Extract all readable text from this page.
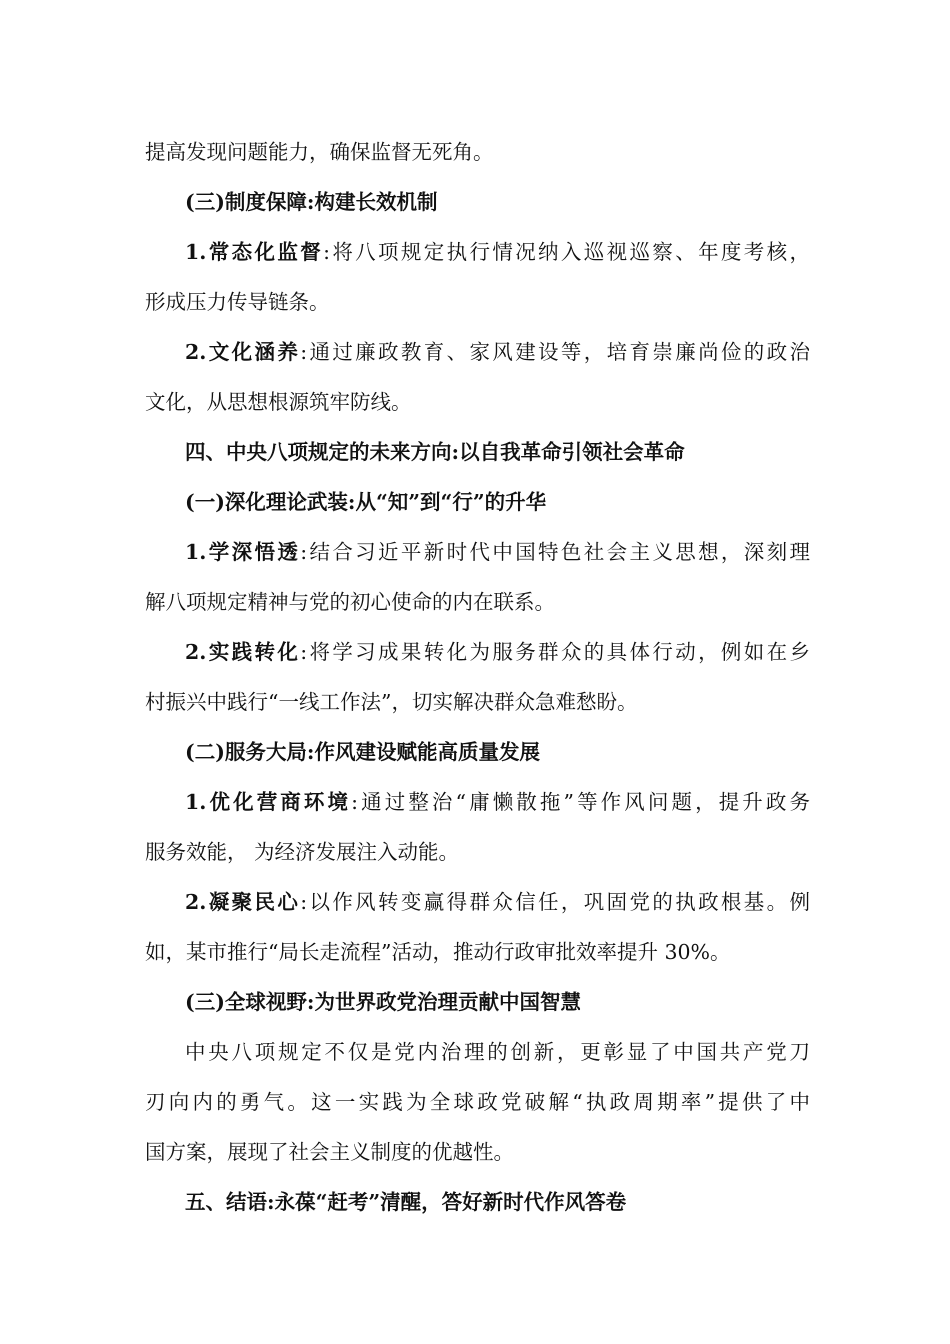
提高发现问题能力，确保监督无死角。
(三)制度保障:构建长效机制
1.常态化监督:将八项规定执行情况纳入巡视巡察、年度考核，
形成压力传导链条。
2.文化涵养:通过廉政教育、家风建设等，培育崇廉尚俭的政治
文化，从思想根源筑牢防线。
四、中央八项规定的未来方向:以自我革命引领社会革命
(一)深化理论武装:从“知”到“行”的升华
1.学深悟透:结合习近平新时代中国特色社会主义思想，深刻理
解八项规定精神与党的初心使命的内在联系。
2.实践转化:将学习成果转化为服务群众的具体行动，例如在乡
村振兴中践行“一线工作法”，切实解决群众急难愁盼。
(二)服务大局:作风建设赋能高质量发展
1.优化营商环境:通过整治“庸懒散拖”等作风问题，提升政务
服务效能， 为经济发展注入动能。
2.凝聚民心:以作风转变赢得群众信任，巩固党的执政根基。例
如，某市推行“局长走流程”活动，推动行政审批效率提升 30%。
(三)全球视野:为世界政党治理贡献中国智慧
中央八项规定不仅是党内治理的创新，更彰显了中国共产党刀
刃向内的勇气。这一实践为全球政党破解“执政周期率”提供了中
国方案，展现了社会主义制度的优越性。
五、结语:永葆“赶考”清醒，答好新时代作风答卷
